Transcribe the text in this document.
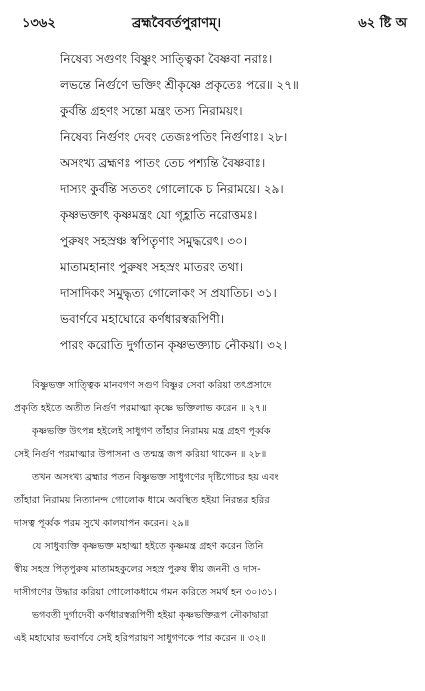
১৩৬২	ব্রহ্মবৈবর্তপুরাণম্।	৬২ ষ্টি অ
নিষেব্য সগুণং বিষ্ণুং সাত্ত্বিকা বৈষ্ণবা নরাঃ।
লভন্তে নির্গুণে ভক্তিং শ্রীকৃষ্ণে প্রকৃতেঃ পরে॥ ২৭॥
কুর্বন্তি গ্রহণং সন্তো মন্ত্রং তস্য নিরাময়ং।
নিষেব্য নির্গুণং দেবং তেজঃপতিং নির্গুণাঃ। ২৮।
অসংখ্য ব্রহ্মণঃ পাতং তেচ পশ্যন্তি বৈষ্ণবাঃ।
দাস্যং কুর্বন্তি সততং গোলোকে চ নিরাময়ে। ২৯।
কৃষ্ণভক্তাৎ কৃষ্ণমন্ত্রং যো গৃহ্লাতি নরোত্তমঃ।
পুরুষং সহস্রঞ্চ স্বপিতৄণাং সমুদ্ধরেৎ। ৩০।
মাতামহানাং পুরুষং সহস্রং মাতরং তথা।
দাসাদিকং সমুদ্ধৃত্য গোলোকং স প্রযাতিচ। ৩১।
ভবার্ণবে মহাঘোরে কর্ণধারস্বরূপিণী।
পারং করোতি দুর্গাতান কৃষ্ণভক্ত্যাচ নৌকয়া। ৩২।
বিষ্ণুভক্ত সাত্ত্বিক মানবগণ সগুণ বিষ্ণুর সেবা করিয়া তৎপ্রসাদে
প্রকৃতি হইতে অতীত নির্গুণ পরমাত্মা কৃষ্ণে ভক্তিলাভ করেন ॥ ২৭॥
কৃষ্ণভক্তি উৎপন্ন হইলেই সাধুগণ তাঁহার নিরাময় মন্ত্র গ্রহণ পূর্ব্বক
সেই নির্গুণ পরমাত্মার উপাসনা ও তন্মন্ত্র জপ করিয়া থাকেন ॥ ২৮॥
তখন অসংখ্য ব্রহ্মার পতন বিষ্ণুভক্ত সাধুগণের দৃষ্টিগোচর হয় এবং
তাঁহারা নিরাময় নিত্যানন্দ গোলোক ধামে অবস্থিত হইয়া নিরন্তর হরির
দাসত্ব পূর্ব্বক পরম সুখে কালযাপন করেন। ২৯॥
যে সাধুব্যক্তি কৃষ্ণভক্ত মহাত্মা হইতে কৃষ্ণমন্ত্র গ্রহণ করেন তিনি
স্বীয় সহস্র পিতৃপুরুষ মাতামহকুলের সহস্র পুরুষ স্বীয় জননী ও দাস-
দাসীগণের উদ্ধার করিয়া গোলোকধামে গমন করিতে সমর্থ হন ৩০।৩১।
ভগবতী দুর্গাদেবী কর্ণধারস্বরূপিণী হইয়া কৃষ্ণভক্তিরূপ নৌকাদ্বারা
এই মহাঘোর ভবার্ণবে সেই হরিপরায়ণ সাধুগণকে পার করেন ॥ ৩২॥
